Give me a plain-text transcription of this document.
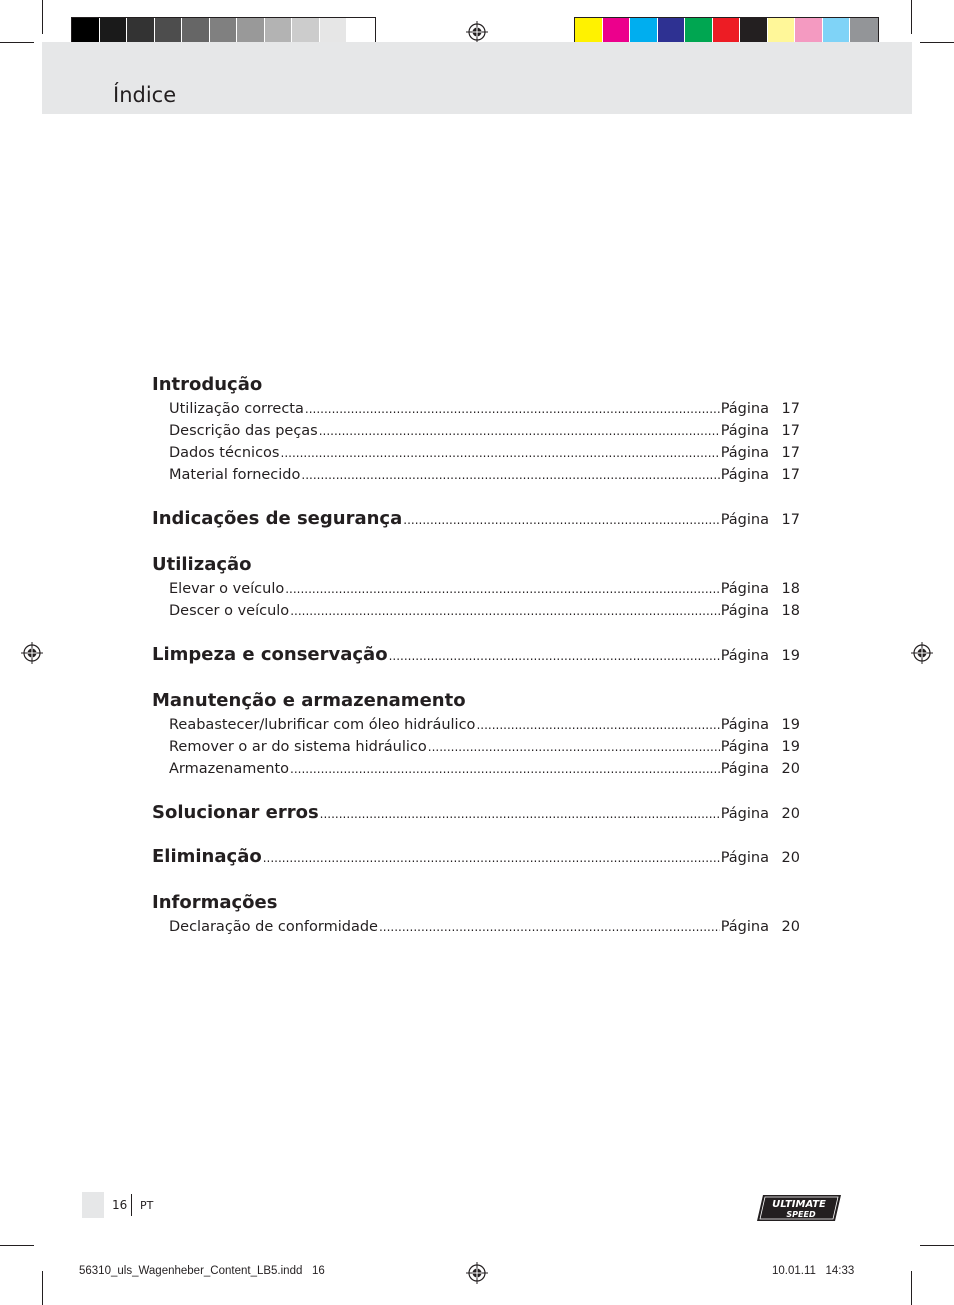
Índice
Introdução
Utilização correcta .....	Página 17
Descrição das peças .....	Página 17
Dados técnicos .....	Página 17
Material fornecido .....	Página 17
Indicações de segurança .....	Página 17
Utilização
Elevar o veículo .....	Página 18
Descer o veículo .....	Página 18
Limpeza e conservação .....	Página 19
Manutenção e armazenamento
Reabastecer/lubrificar com óleo hidráulico .....	Página 19
Remover o ar do sistema hidráulico .....	Página 19
Armazenamento .....	Página 20
Solucionar erros .....	Página 20
Eliminação .....	Página 20
Informações
Declaração de conformidade .....	Página 20
16 PT	ULTIMATE
SPEED
56310_uls_Wagenheber_Content_LB5.indd   16	10.01.11   14:33
